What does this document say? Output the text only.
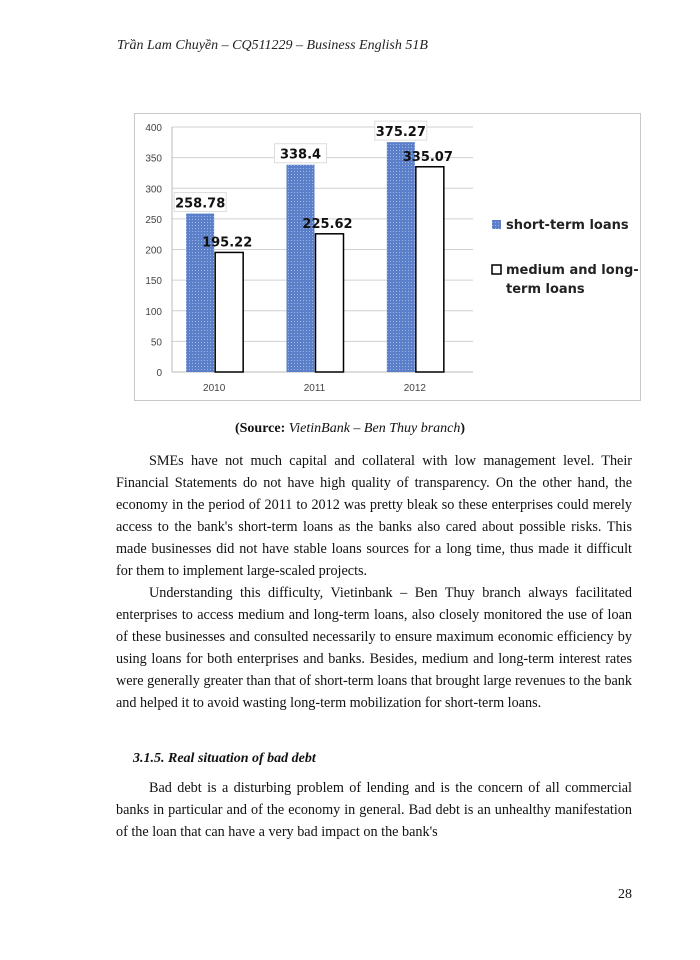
Trần Lam Chuyền – CQ511229 – Business English 51B
0
50
100
150
200
250
300
350
400
2010
258.78
195.22
2011
338.4
225.62
2012
375.27
335.07
short-term loans
medium and long-
term loans
(Source: VietinBank – Ben Thuy branch)

SMEs have not much capital and collateral with low management level. Their Financial Statements do not have high quality of transparency. On the other hand, the economy in the period of 2011 to 2012 was pretty bleak so these enterprises could merely access to the bank's short-term loans as the banks also cared about possible risks. This made businesses did not have stable loans sources for a long time, thus made it difficult for them to implement large-scaled projects.

Understanding this difficulty, Vietinbank – Ben Thuy branch always facilitated enterprises to access medium and long-term loans, also closely monitored the use of loan of these businesses and consulted necessarily to ensure maximum economic efficiency by using loans for both enterprises and banks. Besides, medium and long-term interest rates were generally greater than that of short-term loans that brought large revenues to the bank and helped it to avoid wasting long-term mobilization for short-term loans.

3.1.5. Real situation of bad debt

Bad debt is a disturbing problem of lending and is the concern of all commercial banks in particular and of the economy in general. Bad debt is an unhealthy manifestation of the loan that can have a very bad impact on the bank's

28
